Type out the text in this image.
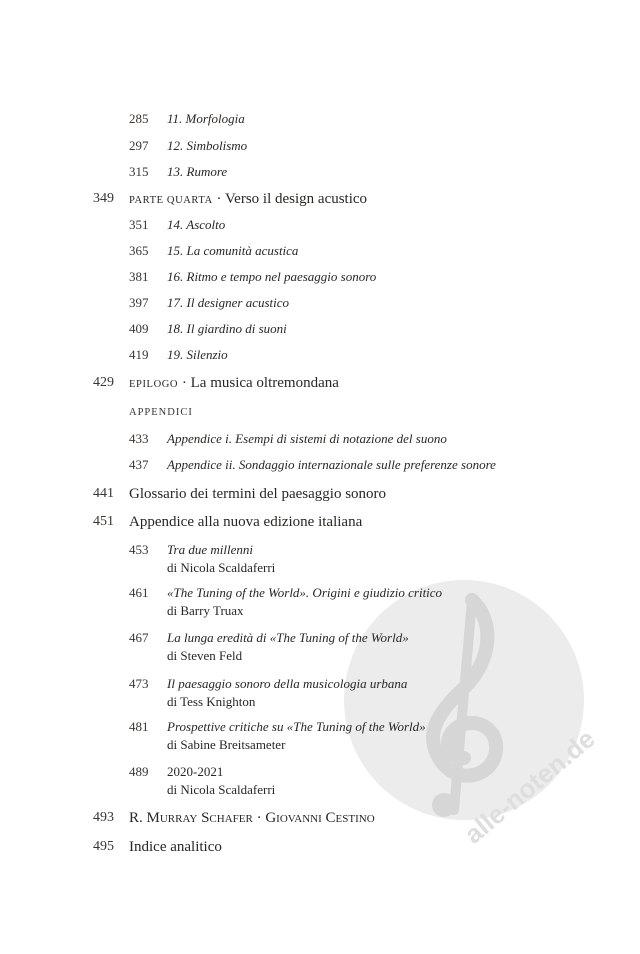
alle-noten.de
285 11. Morfologia
297 12. Simbolismo
315 13. Rumore
349 PARTE QUARTA · Verso il design acustico
351 14. Ascolto
365 15. La comunità acustica
381 16. Ritmo e tempo nel paesaggio sonoro
397 17. Il designer acustico
409 18. Il giardino di suoni
419 19. Silenzio
429 EPILOGO · La musica oltremondana
APPENDICI
433 Appendice i. Esempi di sistemi di notazione del suono
437 Appendice ii. Sondaggio internazionale sulle preferenze sonore
441 Glossario dei termini del paesaggio sonoro
451 Appendice alla nuova edizione italiana
453 Tra due millenni
di Nicola Scaldaferri
461 «The Tuning of the World». Origini e giudizio critico
di Barry Truax
467 La lunga eredità di «The Tuning of the World»
di Steven Feld
473 Il paesaggio sonoro della musicologia urbana
di Tess Knighton
481 Prospettive critiche su «The Tuning of the World»
di Sabine Breitsameter
489 2020-2021
di Nicola Scaldaferri
493 R. Murray Schafer · Giovanni Cestino
495 Indice analitico
